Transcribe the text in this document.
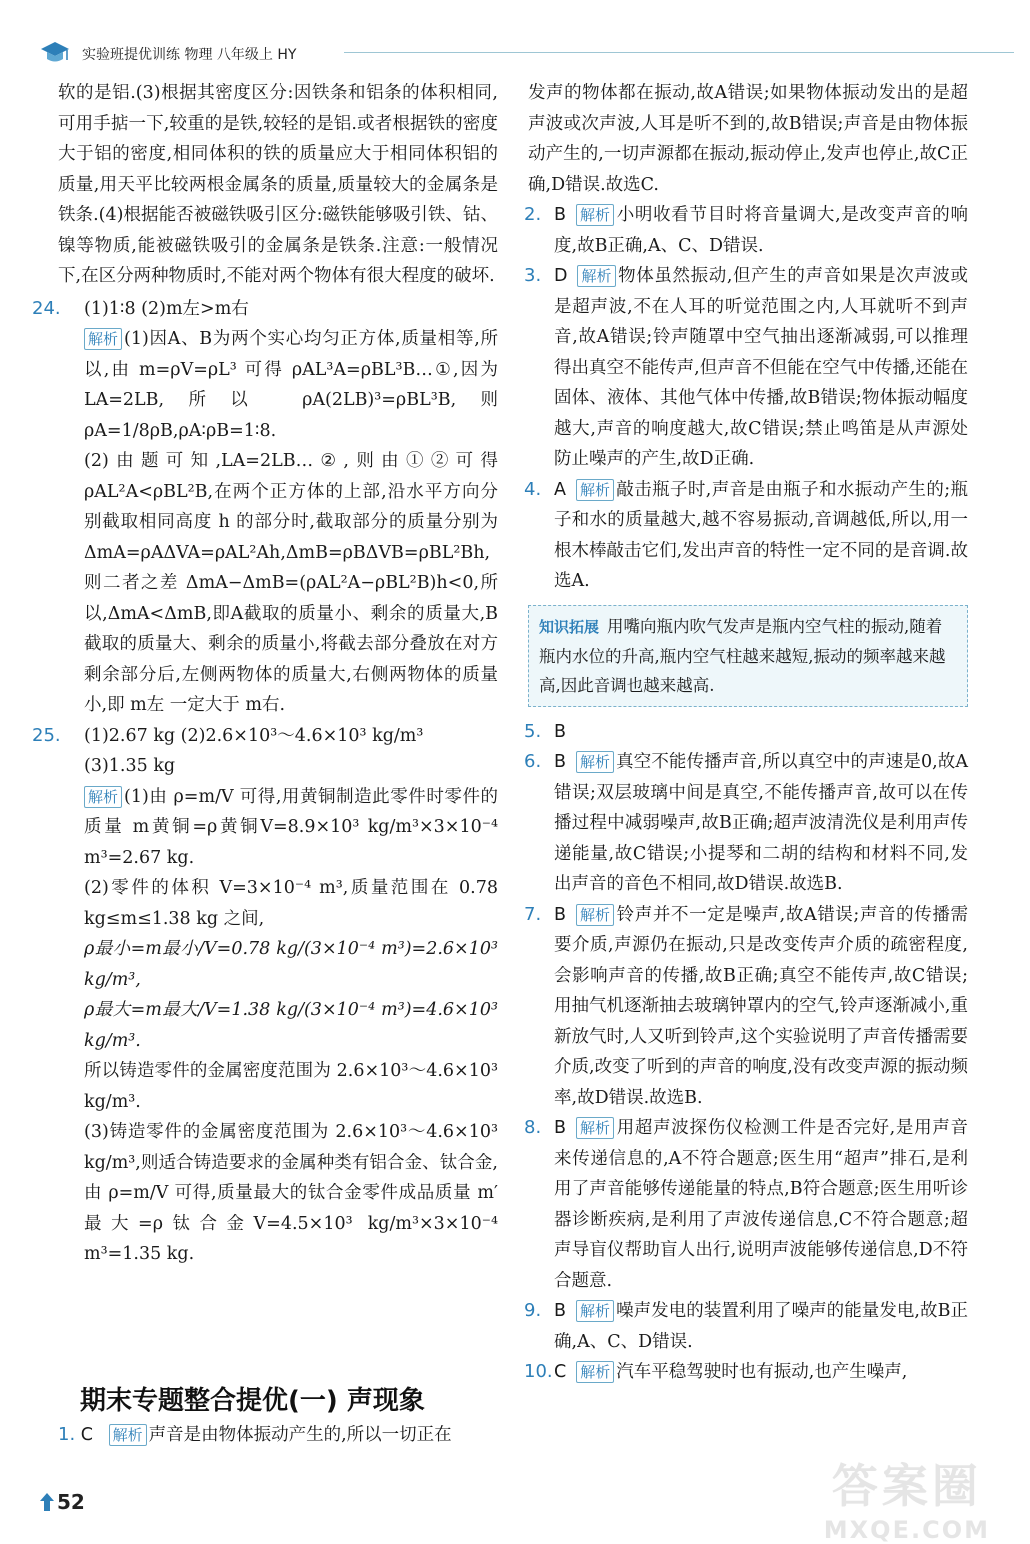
实验班提优训练 物理 八年级上 HY

软的是铝.(3)根据其密度区分:因铁条和铝条的体积相同,可用手掂一下,较重的是铁,较轻的是铝.或者根据铁的密度大于铝的密度,相同体积的铁的质量应大于相同体积铝的质量,用天平比较两根金属条的质量,质量较大的金属条是铁条.(4)根据能否被磁铁吸引区分:磁铁能够吸引铁、钴、镍等物质,能被磁铁吸引的金属条是铁条.注意:一般情况下,在区分两种物质时,不能对两个物体有很大程度的破坏.

24.	(1)1∶8 (2)m左>m右

解析 (1)因A、B为两个实心均匀正方体,质量相等,所以,由 m=ρV=ρL³ 可得 ρAL³A=ρBL³B…①,因为 LA=2LB,所以 ρA(2LB)³=ρBL³B,则 ρA=1/8ρB,ρA∶ρB=1∶8.

(2)由题可知,LA=2LB…②,则由①②可得 ρAL²A<ρBL²B,在两个正方体的上部,沿水平方向分别截取相同高度 h 的部分时,截取部分的质量分别为 ΔmA=ρAΔVA=ρAL²Ah,ΔmB=ρBΔVB=ρBL²Bh,则二者之差 ΔmA−ΔmB=(ρAL²A−ρBL²B)h<0,所以,ΔmA<ΔmB,即A截取的质量小、剩余的质量大,B截取的质量大、剩余的质量小,将截去部分叠放在对方剩余部分后,左侧两物体的质量大,右侧两物体的质量小,即 m左 一定大于 m右.

25.	(1)2.67 kg (2)2.6×10³～4.6×10³ kg/m³
(3)1.35 kg

解析 (1)由 ρ=m/V 可得,用黄铜制造此零件时零件的质量 m黄铜=ρ黄铜V=8.9×10³ kg/m³×3×10⁻⁴ m³=2.67 kg.

(2)零件的体积 V=3×10⁻⁴ m³,质量范围在 0.78 kg≤m≤1.38 kg 之间,

ρ最小=m最小/V=0.78 kg/(3×10⁻⁴ m³)=2.6×10³ kg/m³,

ρ最大=m最大/V=1.38 kg/(3×10⁻⁴ m³)=4.6×10³ kg/m³.

所以铸造零件的金属密度范围为 2.6×10³～4.6×10³ kg/m³.

(3)铸造零件的金属密度范围为 2.6×10³～4.6×10³ kg/m³,则适合铸造要求的金属种类有铝合金、钛合金,由 ρ=m/V 可得,质量最大的钛合金零件成品质量 m′最大=ρ钛合金V=4.5×10³ kg/m³×3×10⁻⁴ m³=1.35 kg.

期末专题整合提优(一) 声现象
1. C 解析 声音是由物体振动产生的,所以一切正在

发声的物体都在振动,故A错误;如果物体振动发出的是超声波或次声波,人耳是听不到的,故B错误;声音是由物体振动产生的,一切声源都在振动,振动停止,发声也停止,故C正确,D错误.故选C.

2. B 解析 小明收看节目时将音量调大,是改变声音的响度,故B正确,A、C、D错误.

3. D 解析 物体虽然振动,但产生的声音如果是次声波或是超声波,不在人耳的听觉范围之内,人耳就听不到声音,故A错误;铃声随罩中空气抽出逐渐减弱,可以推理得出真空不能传声,但声音不但能在空气中传播,还能在固体、液体、其他气体中传播,故B错误;物体振动幅度越大,声音的响度越大,故C错误;禁止鸣笛是从声源处防止噪声的产生,故D正确.

4. A 解析 敲击瓶子时,声音是由瓶子和水振动产生的;瓶子和水的质量越大,越不容易振动,音调越低,所以,用一根木棒敲击它们,发出声音的特性一定不同的是音调.故选A.

知识拓展 用嘴向瓶内吹气发声是瓶内空气柱的振动,随着瓶内水位的升高,瓶内空气柱越来越短,振动的频率越来越高,因此音调也越来越高.

5. B

6. B 解析 真空不能传播声音,所以真空中的声速是0,故A错误;双层玻璃中间是真空,不能传播声音,故可以在传播过程中减弱噪声,故B正确;超声波清洗仪是利用声传递能量,故C错误;小提琴和二胡的结构和材料不同,发出声音的音色不相同,故D错误.故选B.

7. B 解析 铃声并不一定是噪声,故A错误;声音的传播需要介质,声源仍在振动,只是改变传声介质的疏密程度,会影响声音的传播,故B正确;真空不能传声,故C错误;用抽气机逐渐抽去玻璃钟罩内的空气,铃声逐渐减小,重新放气时,人又听到铃声,这个实验说明了声音传播需要介质,改变了听到的声音的响度,没有改变声源的振动频率,故D错误.故选B.

8. B 解析 用超声波探伤仪检测工件是否完好,是用声音来传递信息的,A不符合题意;医生用“超声”排石,是利用了声音能够传递能量的特点,B符合题意;医生用听诊器诊断疾病,是利用了声波传递信息,C不符合题意;超声导盲仪帮助盲人出行,说明声波能够传递信息,D不符合题意.

9. B 解析 噪声发电的装置利用了噪声的能量发电,故B正确,A、C、D错误.

10. C 解析 汽车平稳驾驶时也有振动,也产生噪声,

52	答案圈
MXQE.COM
